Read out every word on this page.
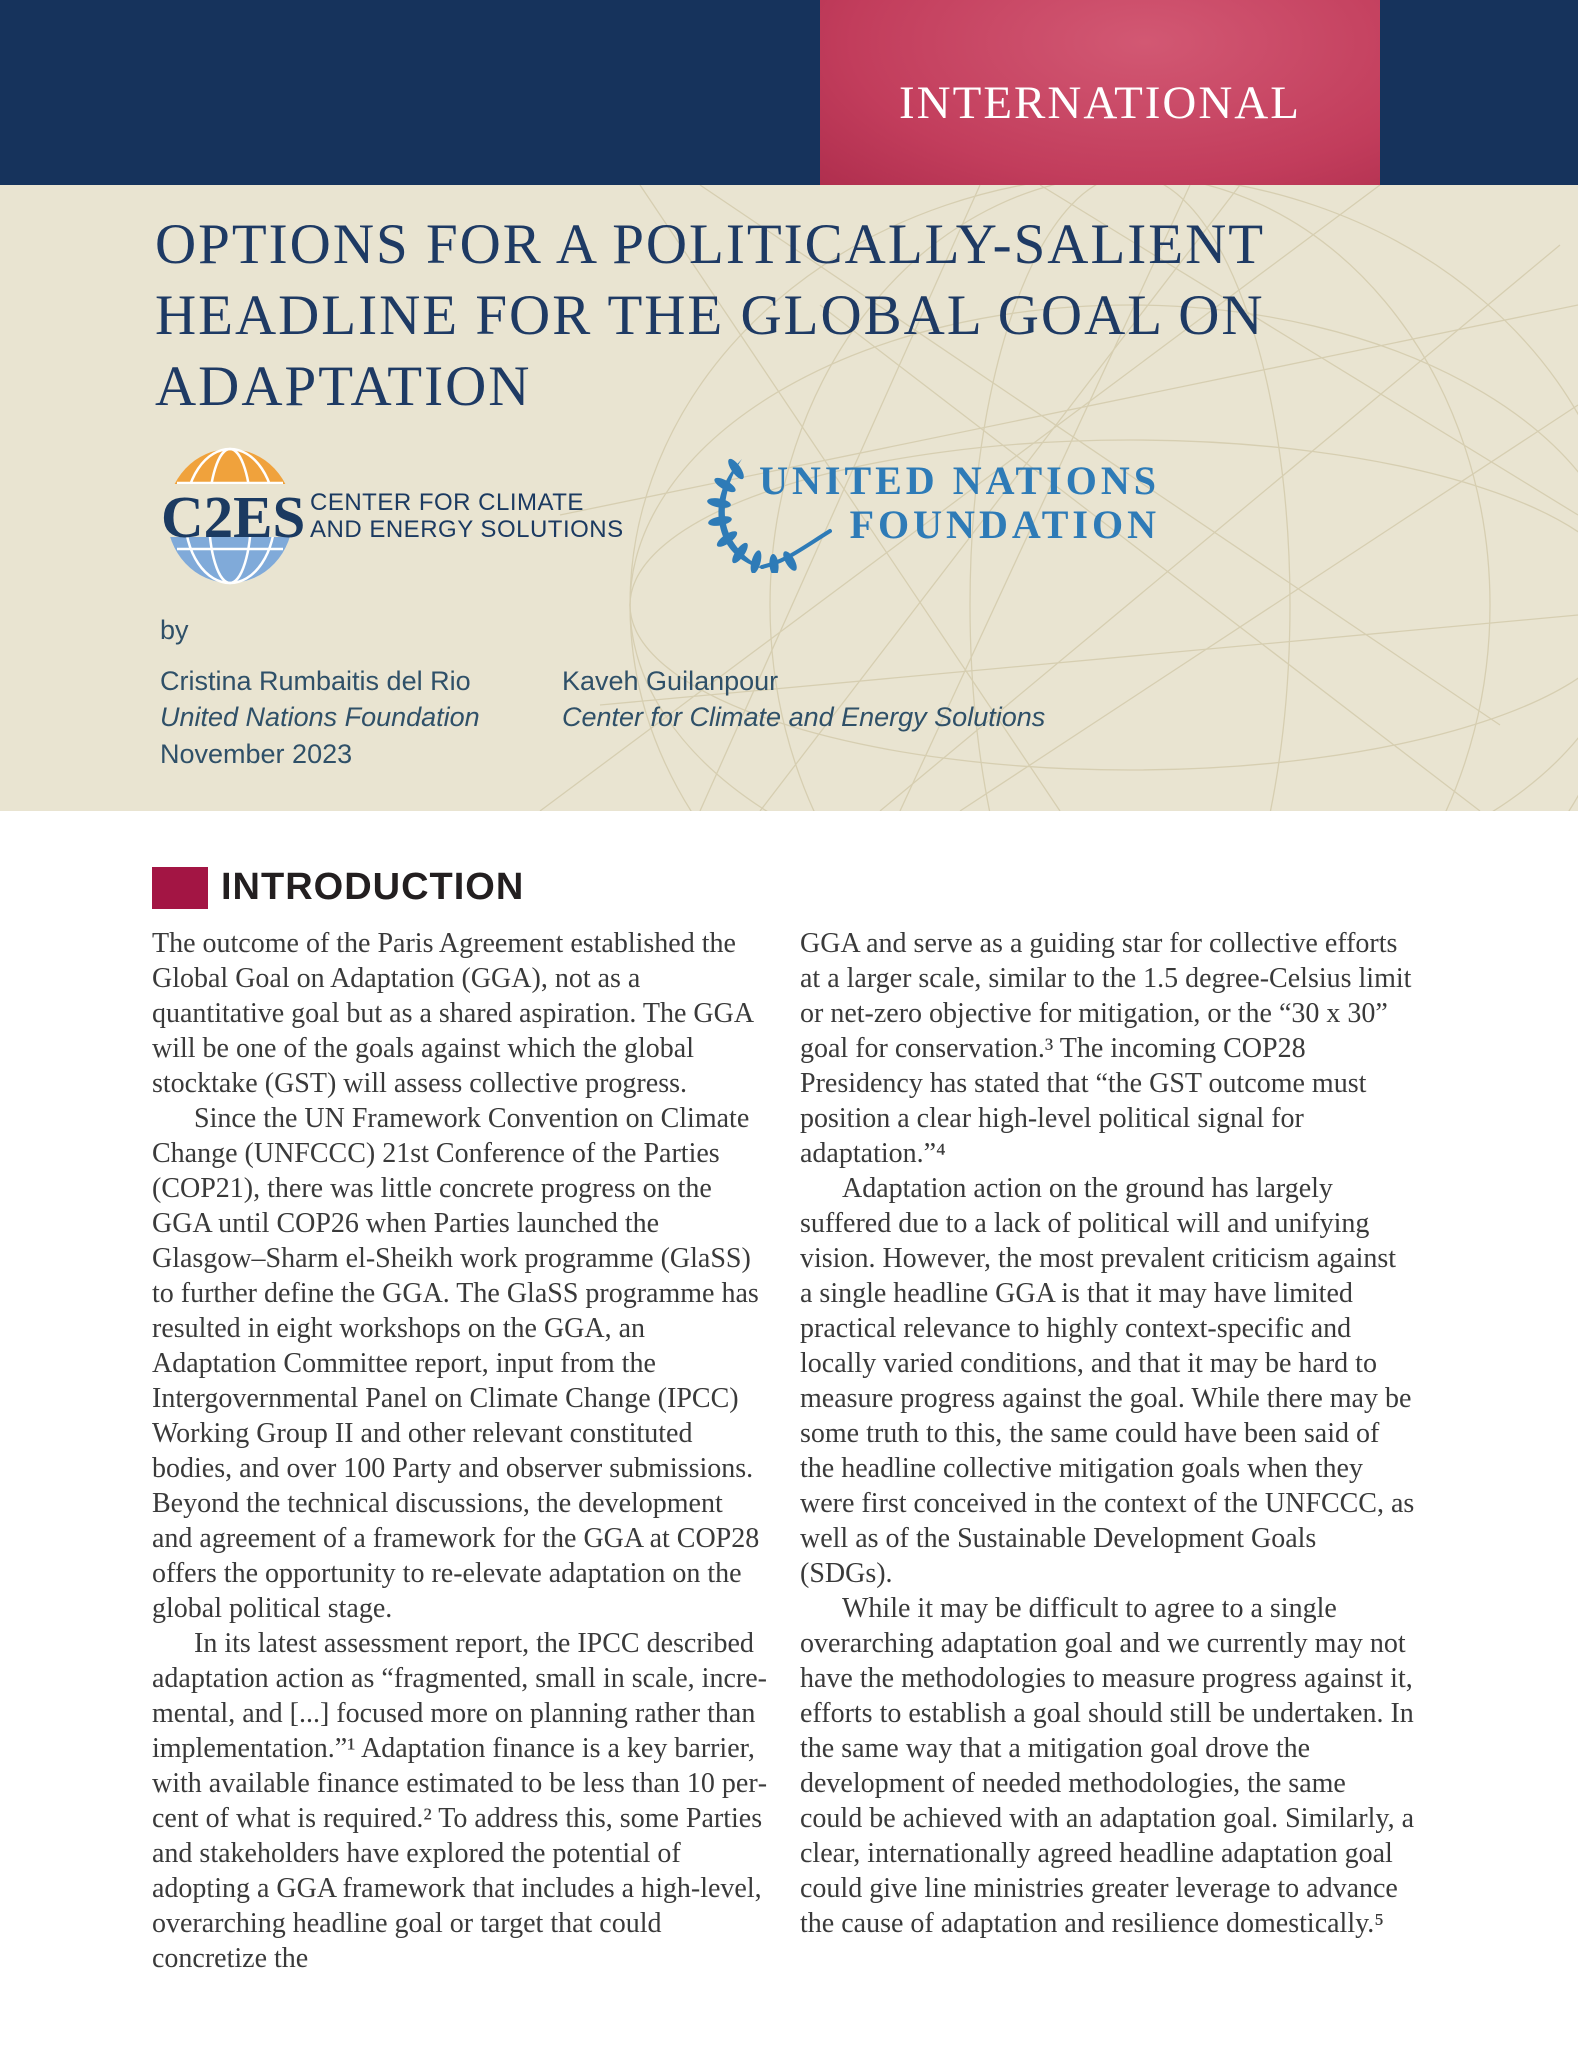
INTERNATIONAL
OPTIONS FOR A POLITICALLY-SALIENT
HEADLINE FOR THE GLOBAL GOAL ON
ADAPTATION
C2ES CENTER FOR CLIMATE
AND ENERGY SOLUTIONS
UNITED NATIONS
FOUNDATION
by
Cristina Rumbaitis del Rio
United Nations Foundation
Kaveh Guilanpour
Center for Climate and Energy Solutions
November 2023
INTRODUCTION

The outcome of the Paris Agreement established the Global Goal on Adaptation (GGA), not as a quantitative goal but as a shared aspiration. The GGA will be one of the goals against which the global stocktake (GST) will assess collective progress.

Since the UN Framework Convention on Climate Change (UNFCCC) 21st Conference of the Parties (COP21), there was little concrete progress on the GGA until COP26 when Parties launched the Glasgow–Sharm el-Sheikh work programme (GlaSS) to further define the GGA. The GlaSS programme has resulted in eight workshops on the GGA, an Adaptation Committee report, input from the Intergovernmental Panel on Climate Change (IPCC) Working Group II and other relevant constituted bodies, and over 100 Party and observer submissions. Beyond the technical discussions, the development and agreement of a framework for the GGA at COP28 offers the opportunity to re-elevate adaptation on the global political stage.

In its latest assessment report, the IPCC described adaptation action as “fragmented, small in scale, incremental, and [...] focused more on planning rather than implementation.”¹ Adaptation finance is a key barrier, with available finance estimated to be less than 10 percent of what is required.² To address this, some Parties and stakeholders have explored the potential of adopting a GGA framework that includes a high-level, overarching headline goal or target that could concretize the

GGA and serve as a guiding star for collective efforts at a larger scale, similar to the 1.5 degree-Celsius limit or net-zero objective for mitigation, or the “30 x 30” goal for conservation.³ The incoming COP28 Presidency has stated that “the GST outcome must position a clear high-level political signal for adaptation.”⁴

Adaptation action on the ground has largely suffered due to a lack of political will and unifying vision. However, the most prevalent criticism against a single headline GGA is that it may have limited practical relevance to highly context-specific and locally varied conditions, and that it may be hard to measure progress against the goal. While there may be some truth to this, the same could have been said of the headline collective mitigation goals when they were first conceived in the context of the UNFCCC, as well as of the Sustainable Development Goals (SDGs).

While it may be difficult to agree to a single overarching adaptation goal and we currently may not have the methodologies to measure progress against it, efforts to establish a goal should still be undertaken. In the same way that a mitigation goal drove the development of needed methodologies, the same could be achieved with an adaptation goal. Similarly, a clear, internationally agreed headline adaptation goal could give line ministries greater leverage to advance the cause of adaptation and resilience domestically.⁵
